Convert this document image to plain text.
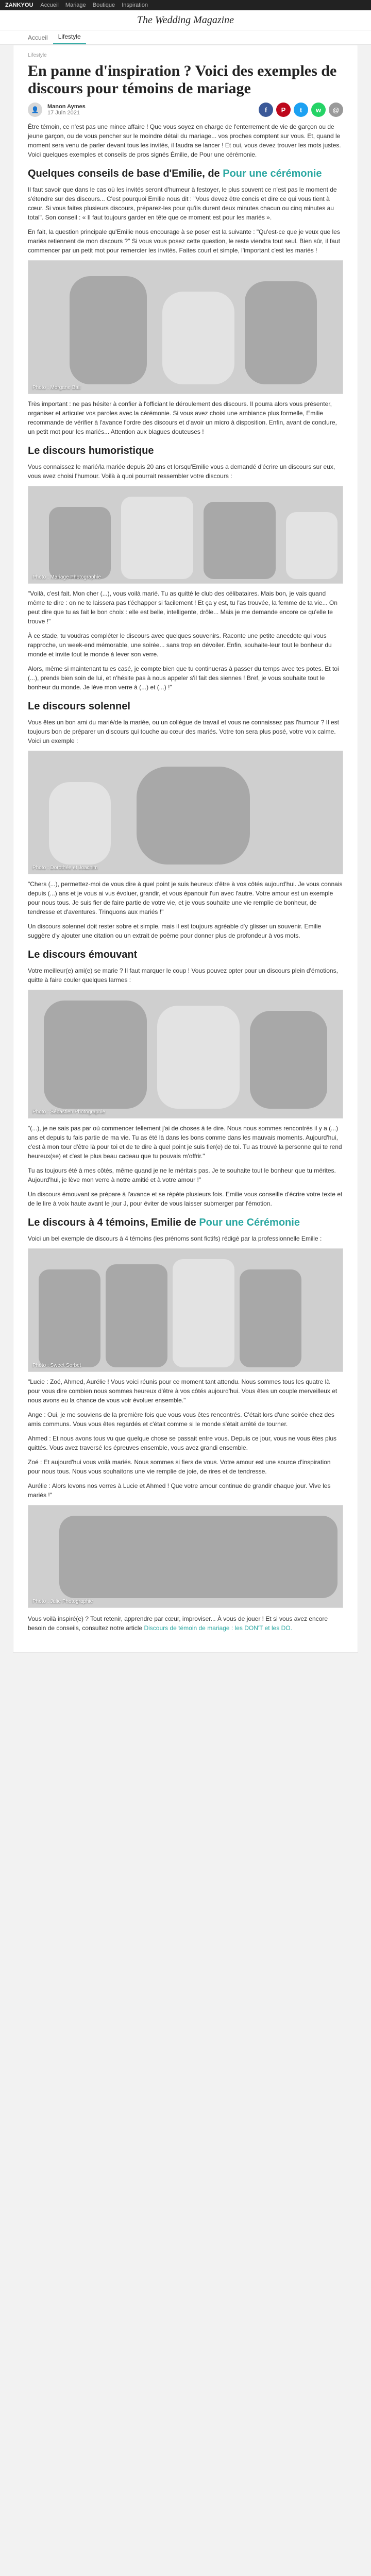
ZANKYOU Accueil Mariage Boutique Inspiration
The Wedding Magazine
Accueil	Lifestyle
Lifestyle
En panne d'inspiration ? Voici des exemples de discours pour témoins de mariage
👤	Manon Aymes
17 Juin 2021	f	P	t	w	@
Être témoin, ce n'est pas une mince affaire ! Que vous soyez en charge de l'enterrement de vie de garçon ou de jeune garçon, ou de vous pencher sur le moindre détail du mariage... vos proches comptent sur vous. Et, quand le moment sera venu de parler devant tous les invités, il faudra se lancer ! Et oui, vous devez trouver les mots justes. Voici quelques exemples et conseils de pros signés Émilie, de Pour une cérémonie.
Quelques conseils de base d'Emilie, de Pour une cérémonie
Il faut savoir que dans le cas où les invités seront d'humeur à festoyer, le plus souvent ce n'est pas le moment de s'étendre sur des discours... C'est pourquoi Emilie nous dit : "Vous devez être concis et dire ce qui vous tient à cœur. Si vous faites plusieurs discours, préparez-les pour qu'ils durent deux minutes chacun ou cinq minutes au total". Son conseil : « Il faut toujours garder en tête que ce moment est pour les mariés ».
En fait, la question principale qu'Emilie nous encourage à se poser est la suivante : "Qu'est-ce que je veux que les mariés retiennent de mon discours ?" Si vous vous posez cette question, le reste viendra tout seul. Bien sûr, il faut commencer par un petit mot pour remercier les invités. Faites court et simple, l'important c'est les mariés !
Photo : Morgane Ball
Très important : ne pas hésiter à confier à l'officiant le déroulement des discours. Il pourra alors vous présenter, organiser et articuler vos paroles avec la cérémonie. Si vous avez choisi une ambiance plus formelle, Emilie recommande de vérifier à l'avance l'ordre des discours et d'avoir un micro à disposition. Enfin, avant de conclure, un petit mot pour les mariés... Attention aux blagues douteuses !
Le discours humoristique
Vous connaissez le marié/la mariée depuis 20 ans et lorsqu'Emilie vous a demandé d'écrire un discours sur eux, vous avez choisi l'humour. Voilà à quoi pourrait ressembler votre discours :
Photo : Mariage Photographie
"Voilà, c'est fait. Mon cher (...), vous voilà marié. Tu as quitté le club des célibataires. Mais bon, je vais quand même te dire : on ne te laissera pas t'échapper si facilement ! Et ça y est, tu l'as trouvée, la femme de ta vie... On peut dire que tu as fait le bon choix : elle est belle, intelligente, drôle... Mais je me demande encore ce qu'elle te trouve !"
À ce stade, tu voudras compléter le discours avec quelques souvenirs. Raconte une petite anecdote qui vous rapproche, un week-end mémorable, une soirée... sans trop en dévoiler. Enfin, souhaite-leur tout le bonheur du monde et invite tout le monde à lever son verre.
Alors, même si maintenant tu es casé, je compte bien que tu continueras à passer du temps avec tes potes. Et toi (...), prends bien soin de lui, et n'hésite pas à nous appeler s'il fait des siennes ! Bref, je vous souhaite tout le bonheur du monde. Je lève mon verre à (...) et (...) !"
Le discours solennel
Vous êtes un bon ami du marié/de la mariée, ou un collègue de travail et vous ne connaissez pas l'humour ? Il est toujours bon de préparer un discours qui touche au cœur des mariés. Votre ton sera plus posé, votre voix calme. Voici un exemple :
Photo : Dorothée et Joachim
"Chers (...), permettez-moi de vous dire à quel point je suis heureux d'être à vos côtés aujourd'hui. Je vous connais depuis (...) ans et je vous ai vus évoluer, grandir, et vous épanouir l'un avec l'autre. Votre amour est un exemple pour nous tous. Je suis fier de faire partie de votre vie, et je vous souhaite une vie remplie de bonheur, de tendresse et d'aventures. Trinquons aux mariés !"
Un discours solennel doit rester sobre et simple, mais il est toujours agréable d'y glisser un souvenir. Emilie suggère d'y ajouter une citation ou un extrait de poème pour donner plus de profondeur à vos mots.
Le discours émouvant
Votre meilleur(e) ami(e) se marie ? Il faut marquer le coup ! Vous pouvez opter pour un discours plein d'émotions, quitte à faire couler quelques larmes :
Photo : Sébastien Photographie
"(...), je ne sais pas par où commencer tellement j'ai de choses à te dire. Nous nous sommes rencontrés il y a (...) ans et depuis tu fais partie de ma vie. Tu as été là dans les bons comme dans les mauvais moments. Aujourd'hui, c'est à mon tour d'être là pour toi et de te dire à quel point je suis fier(e) de toi. Tu as trouvé la personne qui te rend heureux(se) et c'est le plus beau cadeau que tu pouvais m'offrir."
Tu as toujours été à mes côtés, même quand je ne le méritais pas. Je te souhaite tout le bonheur que tu mérites. Aujourd'hui, je lève mon verre à notre amitié et à votre amour !"
Un discours émouvant se prépare à l'avance et se répète plusieurs fois. Emilie vous conseille d'écrire votre texte et de le lire à voix haute avant le jour J, pour éviter de vous laisser submerger par l'émotion.
Le discours à 4 témoins, Emilie de Pour une Cérémonie
Voici un bel exemple de discours à 4 témoins (les prénoms sont fictifs) rédigé par la professionnelle Emilie :
Photo : Sweet Sorbet
"Lucie : Zoé, Ahmed, Aurélie ! Vous voici réunis pour ce moment tant attendu. Nous sommes tous les quatre là pour vous dire combien nous sommes heureux d'être à vos côtés aujourd'hui. Vous êtes un couple merveilleux et nous avons eu la chance de vous voir évoluer ensemble."
Ange : Oui, je me souviens de la première fois que vous vous êtes rencontrés. C'était lors d'une soirée chez des amis communs. Vous vous êtes regardés et c'était comme si le monde s'était arrêté de tourner.
Ahmed : Et nous avons tous vu que quelque chose se passait entre vous. Depuis ce jour, vous ne vous êtes plus quittés. Vous avez traversé les épreuves ensemble, vous avez grandi ensemble.
Zoé : Et aujourd'hui vous voilà mariés. Nous sommes si fiers de vous. Votre amour est une source d'inspiration pour nous tous. Nous vous souhaitons une vie remplie de joie, de rires et de tendresse.
Aurélie : Alors levons nos verres à Lucie et Ahmed ! Que votre amour continue de grandir chaque jour. Vive les mariés !"
Photo : Julie Photographie
Vous voilà inspiré(e) ? Tout retenir, apprendre par cœur, improviser... À vous de jouer ! Et si vous avez encore besoin de conseils, consultez notre article Discours de témoin de mariage : les DON'T et les DO.
